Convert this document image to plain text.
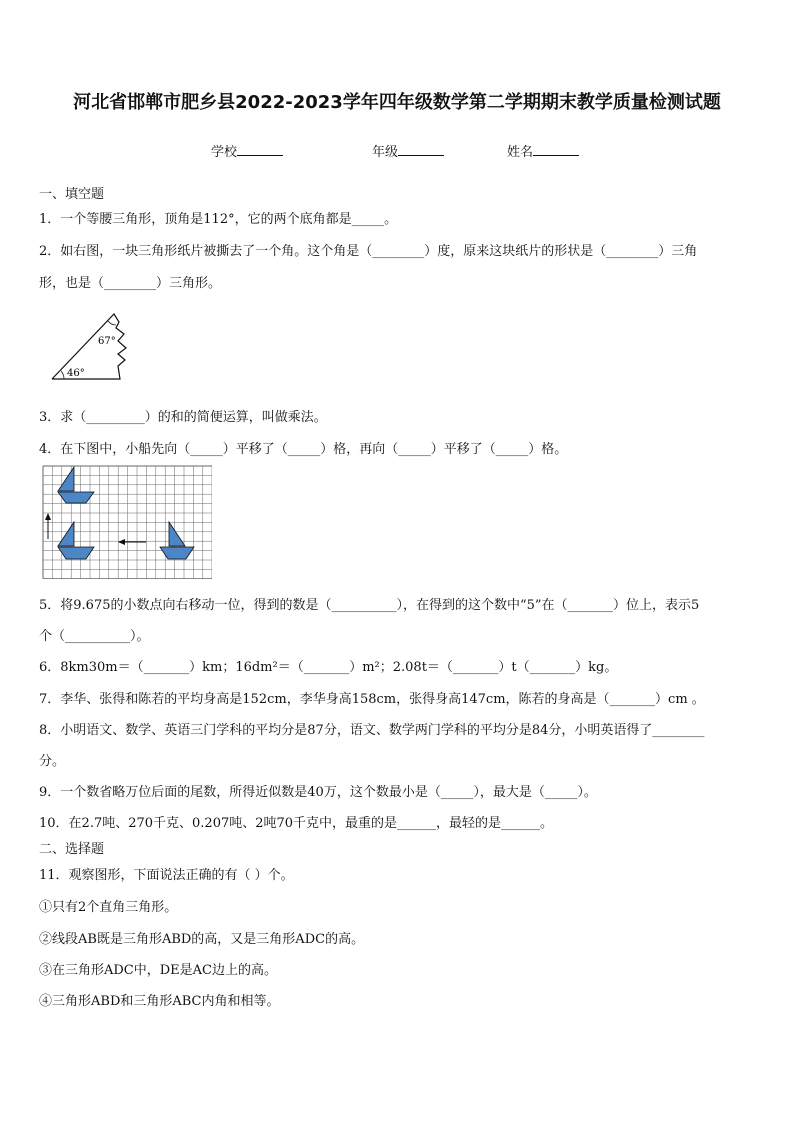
河北省邯郸市肥乡县2022-2023学年四年级数学第二学期期末教学质量检测试题
学校	年级	姓名
一、填空题
1．一个等腰三角形，顶角是112°，它的两个底角都是_____。
2．如右图，一块三角形纸片被撕去了一个角。这个角是（________）度，原来这块纸片的形状是（________）三角
形，也是（________）三角形。
67°
46°
3．求（_________）的和的简便运算，叫做乘法。
4．在下图中，小船先向（_____）平移了（_____）格，再向（_____）平移了（_____）格。
5．将9.675的小数点向右移动一位，得到的数是（__________），在得到的这个数中“5”在（_______）位上，表示5
个（__________）。
6．8km30m＝（_______）km；16dm²＝（_______）m²；2.08t＝（_______）t（_______）kg。
7．李华、张得和陈若的平均身高是152cm，李华身高158cm，张得身高147cm，陈若的身高是（_______）cm 。
8．小明语文、数学、英语三门学科的平均分是87分，语文、数学两门学科的平均分是84分，小明英语得了________
分。
9．一个数省略万位后面的尾数，所得近似数是40万，这个数最小是（_____），最大是（_____）。
10．在2.7吨、270千克、0.207吨、2吨70千克中，最重的是______，最轻的是______。
二、选择题
11．观察图形，下面说法正确的有（ ）个。
①只有2个直角三角形。
②线段AB既是三角形ABD的高，又是三角形ADC的高。
③在三角形ADC中，DE是AC边上的高。
④三角形ABD和三角形ABC内角和相等。
